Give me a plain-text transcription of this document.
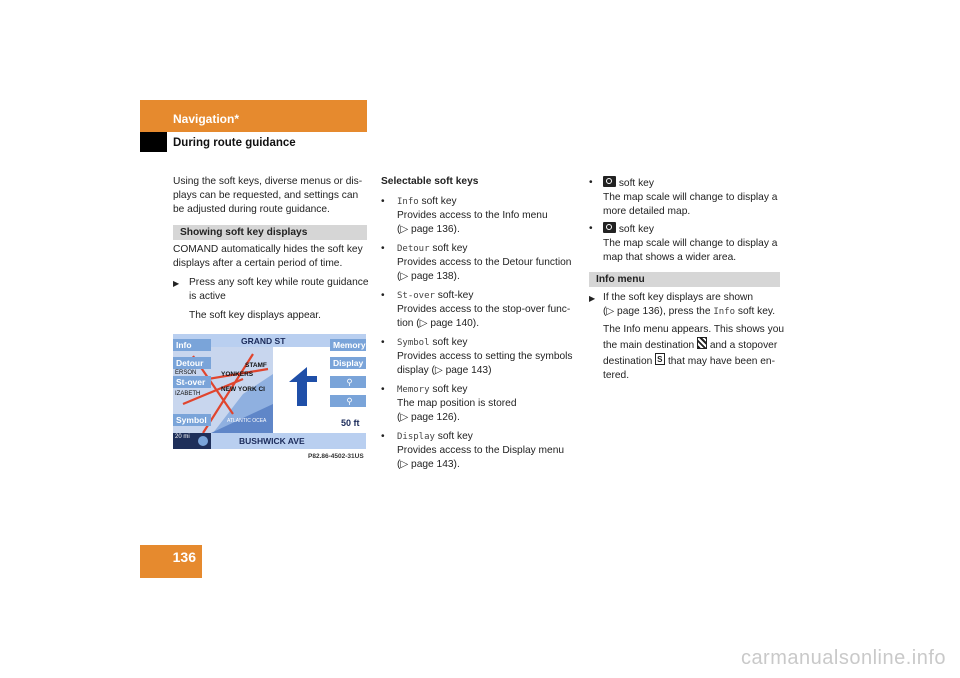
Navigation*
During route guidance
Using the soft keys, diverse menus or dis-
plays can be requested, and settings can
be adjusted during route guidance.
Showing soft key displays
COMAND automatically hides the soft key
displays after a certain period of time.
▶ Press any soft key while route guidance
is active
The soft key displays appear.
Info
Detour
St-over
Symbol
Memory
Display
⚲
⚲
GRAND ST
BUSHWICK AVE
50 ft
20 mi
YONKERS
NEW YORK CI
STAMF
ATLANTIC OCEA
ERSON
IZABETH
P82.86-4502-31US
Selectable soft keys
• Info soft key
Provides access to the Info menu
(▷ page 136).
• Detour soft key
Provides access to the Detour function
(▷ page 138).
• St-over soft-key
Provides access to the stop-over func-
tion (▷ page 140).
• Symbol soft key
Provides access to setting the symbols
display (▷ page 143)
• Memory soft key
The map position is stored
(▷ page 126).
• Display soft key
Provides access to the Display menu
(▷ page 143).
•	soft key
The map scale will change to display a
more detailed map.
•	soft key
The map scale will change to display a
map that shows a wider area.
Info menu
▶ If the soft key displays are shown
(▷ page 136), press the Info soft key.
The Info menu appears. This shows you
the main destination  and a stopover
destination S that may have been en-
tered.
136
carmanualsonline.info
